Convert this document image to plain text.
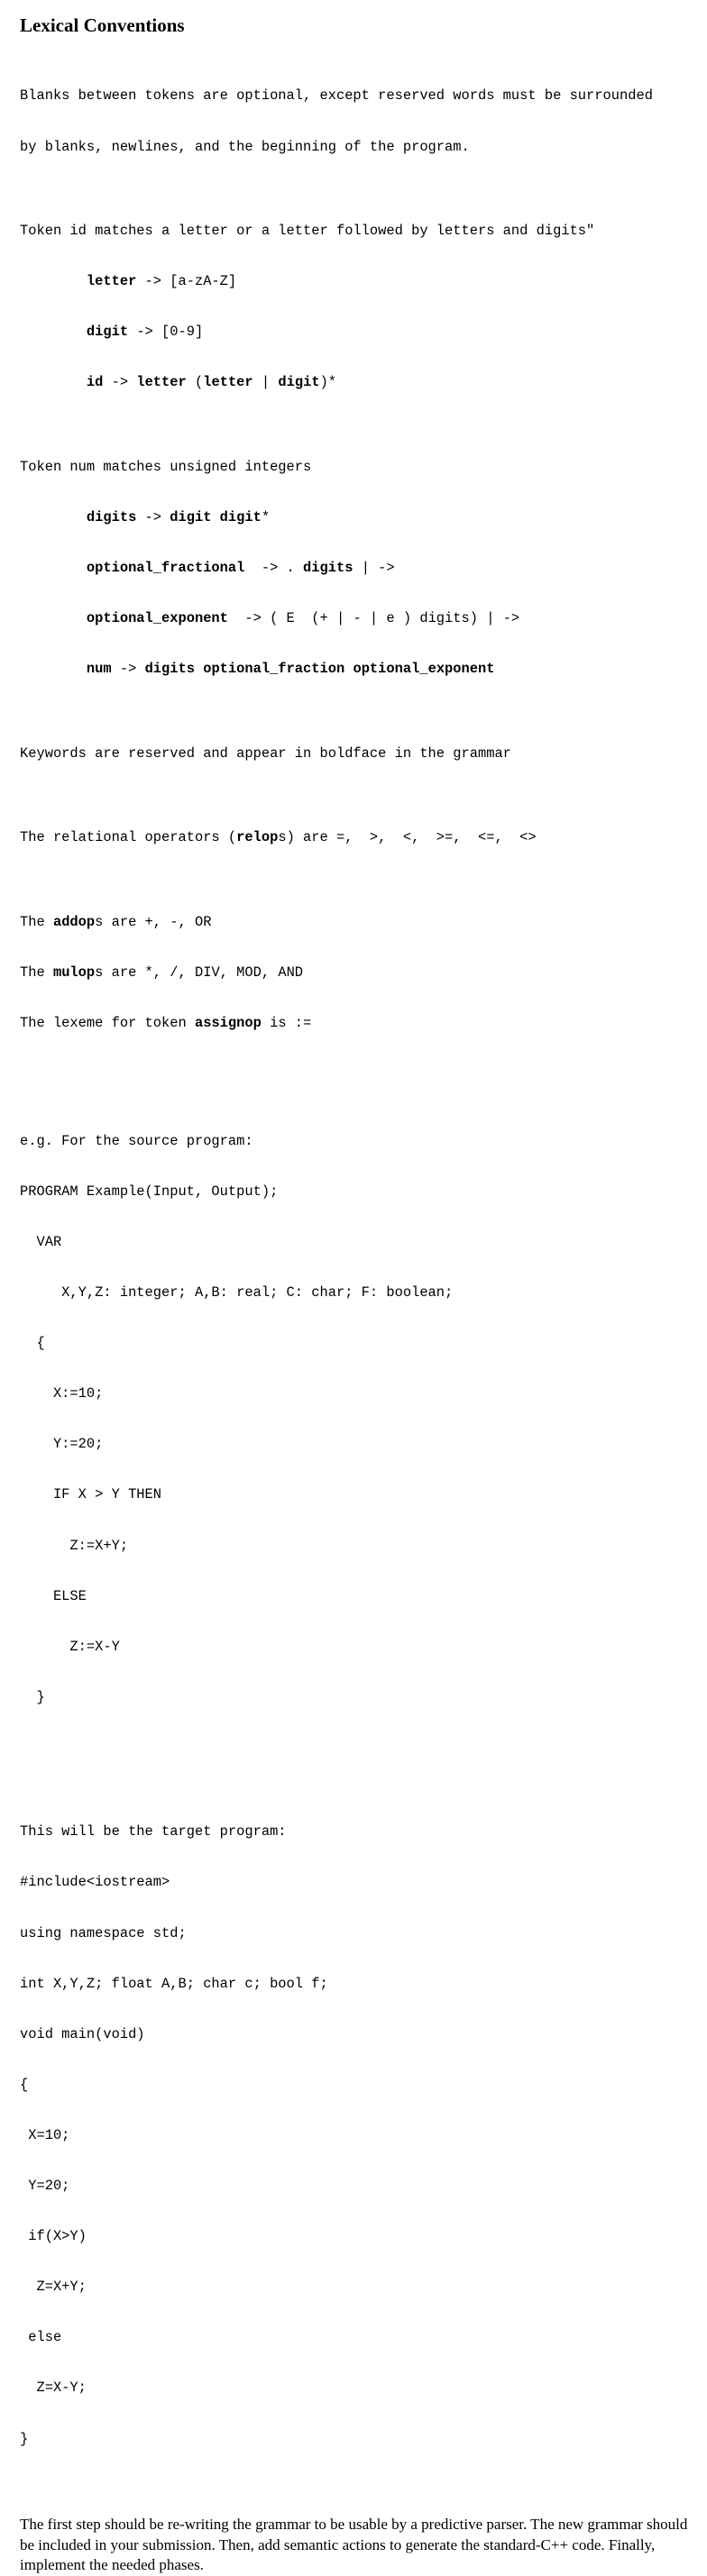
Lexical Conventions

Blanks between tokens are optional, except reserved words must be surrounded

by blanks, newlines, and the beginning of the program.

Token id matches a letter or a letter followed by letters and digits"

letter -> [a-zA-Z]

digit -> [0-9]

id -> letter (letter | digit)*

Token num matches unsigned integers

digits -> digit digit*

optional_fractional  -> . digits | ->

optional_exponent  -> ( E  (+ | - | e ) digits) | ->

num -> digits optional_fraction optional_exponent

Keywords are reserved and appear in boldface in the grammar

The relational operators (relops) are =,  >,  <,  >=,  <=,  <>

The addops are +, -, OR

The mulops are *, /, DIV, MOD, AND

The lexeme for token assignop is :=

e.g. For the source program:

PROGRAM Example(Input, Output);

VAR

X,Y,Z: integer; A,B: real; C: char; F: boolean;

{

X:=10;

Y:=20;

IF X > Y THEN

Z:=X+Y;

ELSE

Z:=X-Y

}

This will be the target program:

#include<iostream>

using namespace std;

int X,Y,Z; float A,B; char c; bool f;

void main(void)

{

X=10;

Y=20;

if(X>Y)

Z=X+Y;

else

Z=X-Y;

}

The first step should be re-writing the grammar to be usable by a predictive parser. The new grammar should be included in your submission. Then, add semantic actions to generate the standard-C++ code. Finally, implement the needed phases.
